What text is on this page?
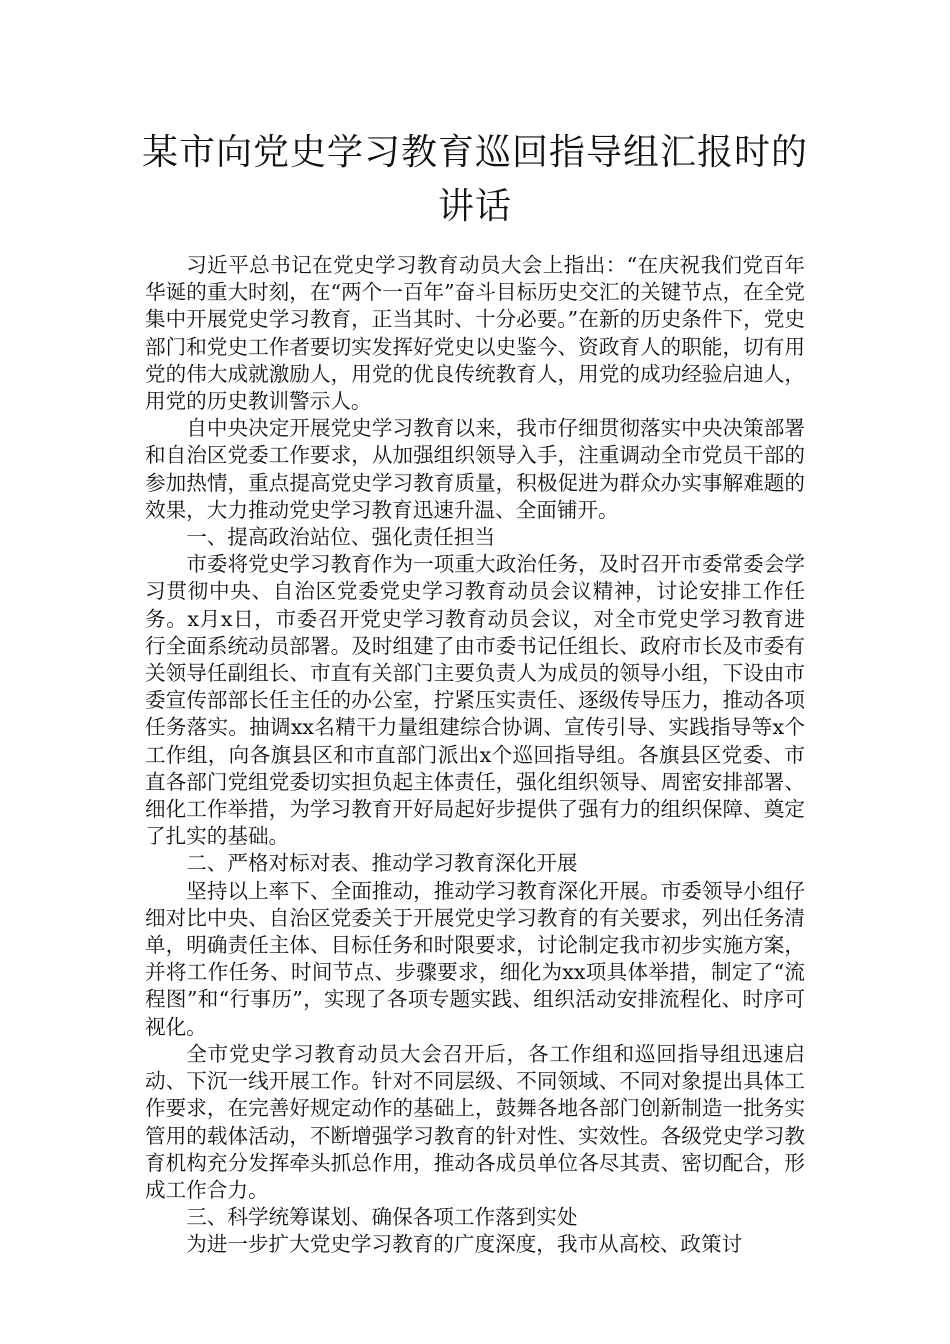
某市向党史学习教育巡回指导组汇报时的
讲话

习近平总书记在党史学习教育动员大会上指出：“在庆祝我们党百年华诞的重大时刻，在“两个一百年”奋斗目标历史交汇的关键节点，在全党集中开展党史学习教育，正当其时、十分必要。”在新的历史条件下，党史部门和党史工作者要切实发挥好党史以史鉴今、资政育人的职能，切有用党的伟大成就激励人，用党的优良传统教育人，用党的成功经验启迪人，用党的历史教训警示人。

自中央决定开展党史学习教育以来，我市仔细贯彻落实中央决策部署和自治区党委工作要求，从加强组织领导入手，注重调动全市党员干部的参加热情，重点提高党史学习教育质量，积极促进为群众办实事解难题的效果，大力推动党史学习教育迅速升温、全面铺开。

一、提高政治站位、强化责任担当

市委将党史学习教育作为一项重大政治任务，及时召开市委常委会学习贯彻中央、自治区党委党史学习教育动员会议精神，讨论安排工作任务。x月x日，市委召开党史学习教育动员会议，对全市党史学习教育进行全面系统动员部署。及时组建了由市委书记任组长、政府市长及市委有关领导任副组长、市直有关部门主要负责人为成员的领导小组，下设由市委宣传部部长任主任的办公室，拧紧压实责任、逐级传导压力，推动各项任务落实。抽调xx名精干力量组建综合协调、宣传引导、实践指导等x个工作组，向各旗县区和市直部门派出x个巡回指导组。各旗县区党委、市直各部门党组党委切实担负起主体责任，强化组织领导、周密安排部署、细化工作举措，为学习教育开好局起好步提供了强有力的组织保障、奠定了扎实的基础。

二、严格对标对表、推动学习教育深化开展

坚持以上率下、全面推动，推动学习教育深化开展。市委领导小组仔细对比中央、自治区党委关于开展党史学习教育的有关要求，列出任务清单，明确责任主体、目标任务和时限要求，讨论制定我市初步实施方案，并将工作任务、时间节点、步骤要求，细化为xx项具体举措，制定了“流程图”和“行事历”，实现了各项专题实践、组织活动安排流程化、时序可视化。

全市党史学习教育动员大会召开后，各工作组和巡回指导组迅速启动、下沉一线开展工作。针对不同层级、不同领域、不同对象提出具体工作要求，在完善好规定动作的基础上，鼓舞各地各部门创新制造一批务实管用的载体活动，不断增强学习教育的针对性、实效性。各级党史学习教育机构充分发挥牵头抓总作用，推动各成员单位各尽其责、密切配合，形成工作合力。

三、科学统筹谋划、确保各项工作落到实处

为进一步扩大党史学习教育的广度深度，我市从高校、政策讨
